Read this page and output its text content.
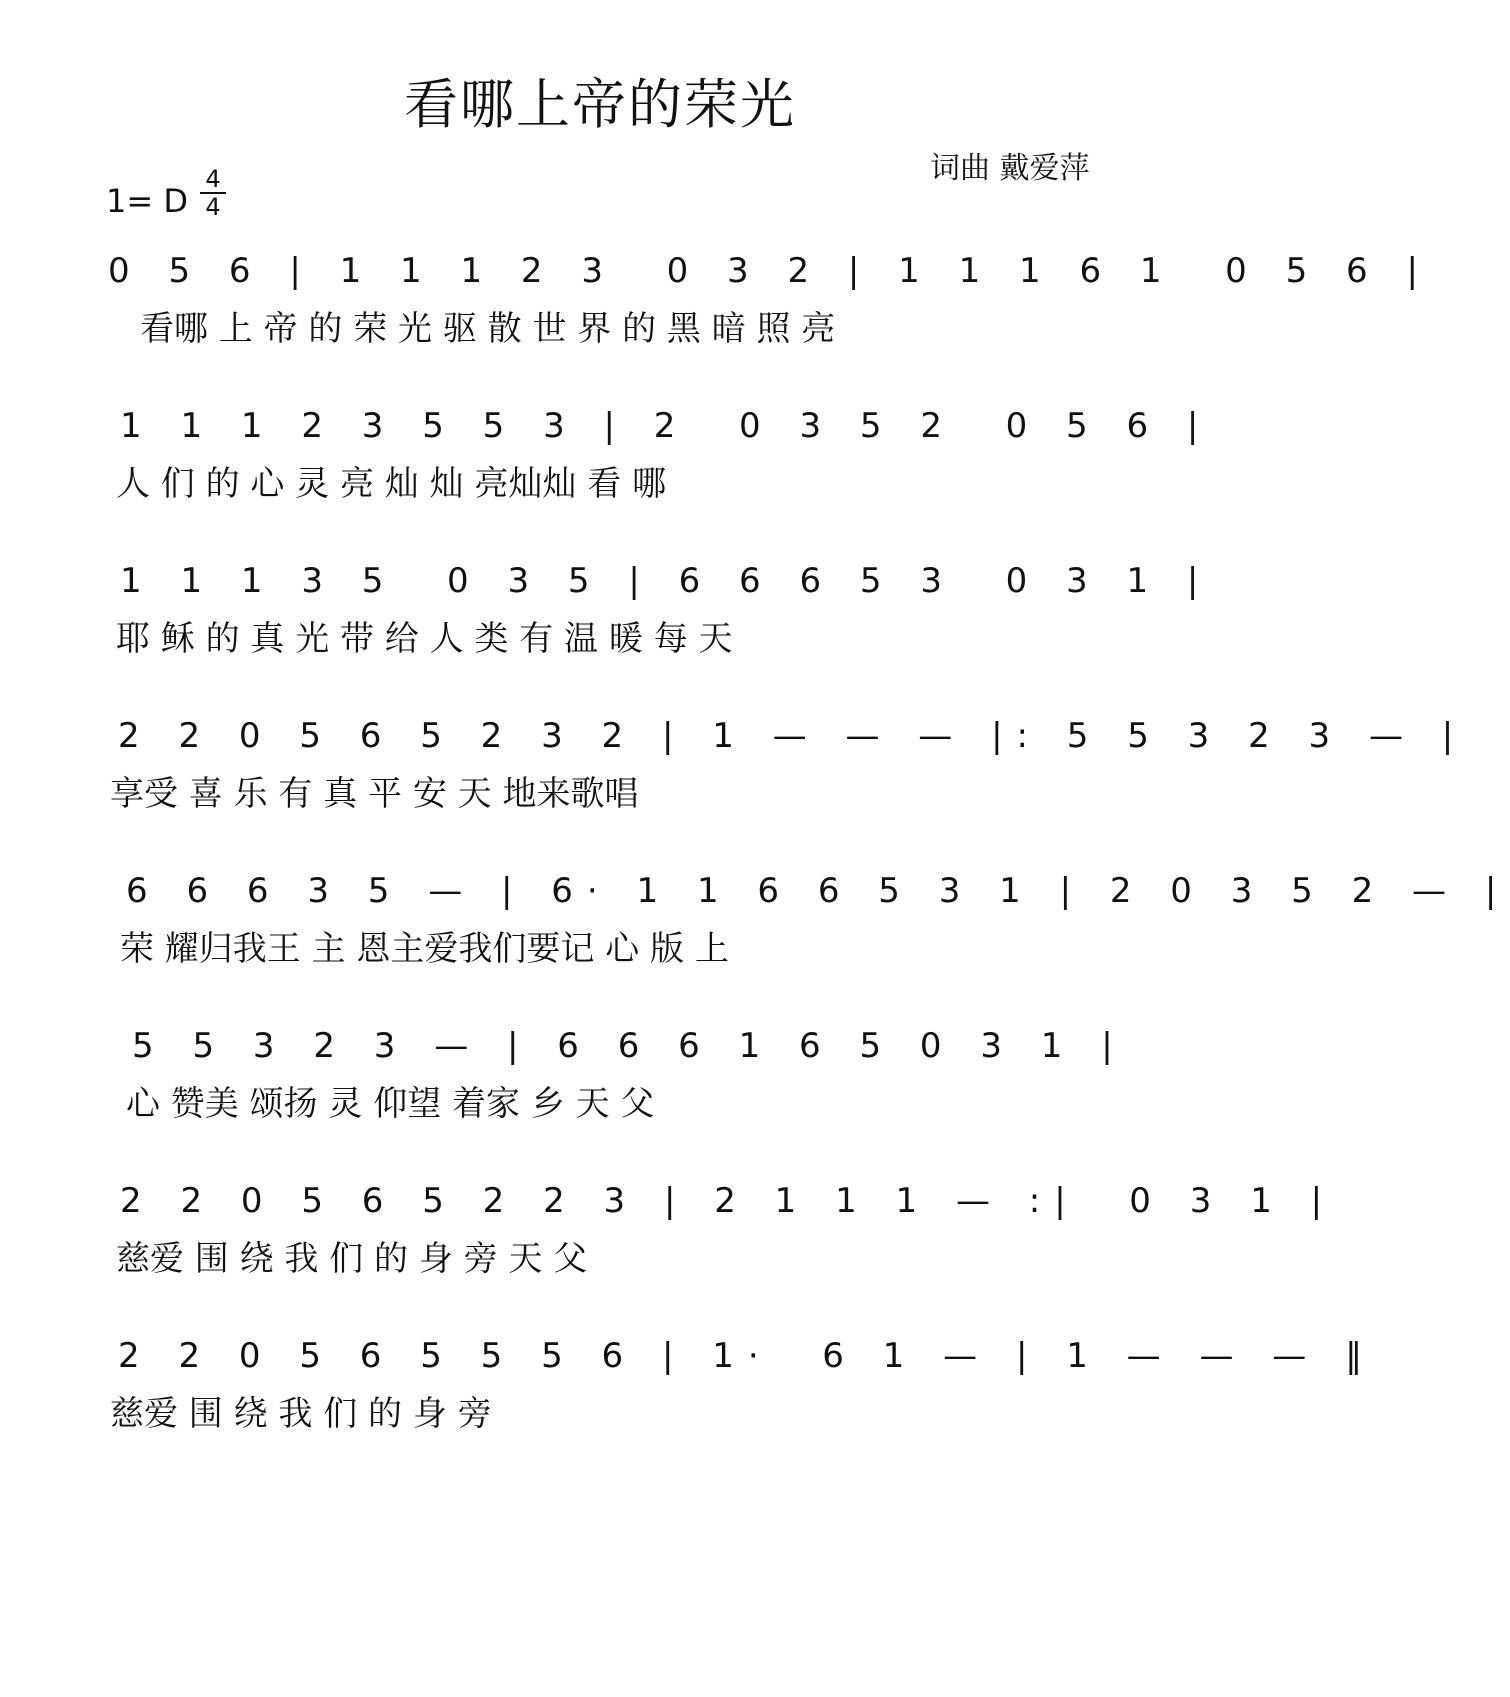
看哪上帝的荣光
词曲 戴爱萍
1= D $\frac{4}{4}$
0 5 6 | 1 1 1 2 3  0 3 2 | 1 1 1 6 1  0 5 6 |
看哪 上 帝 的 荣 光 驱 散 世 界 的 黑 暗 照 亮
1 1 1 2 3 5 5 3 | 2  0 3 5 2  0 5 6 |
人 们 的 心 灵 亮 灿 灿 亮灿灿 看 哪
1 1 1 3 5  0 3 5 | 6 6 6 5 3  0 3 1 |
耶 稣 的 真 光 带 给 人 类 有 温 暖 每 天
2 2 0 5 6 5 2 3 2 | 1 — — — |: 5 5 3 2 3 — |
享受 喜 乐 有 真 平 安 天 地来歌唱
6 6 6 3 5 — | 6· 1 1 6 6 5 3 1 | 2 0 3 5 2 — |
荣 耀归我王 主 恩主爱我们要记 心 版 上
5 5 3 2 3 — | 6 6 6 1 6 5 0 3 1 |
心 赞美 颂扬 灵 仰望 着家 乡 天 父
2 2 0 5 6 5 2 2 3 | 2 1 1 1 — :|  0 3 1 |
慈爱 围 绕 我 们 的 身 旁 天 父
2 2 0 5 6 5 5 5 6 | 1·  6 1 — | 1 — — — ‖
慈爱 围 绕 我 们 的 身 旁
